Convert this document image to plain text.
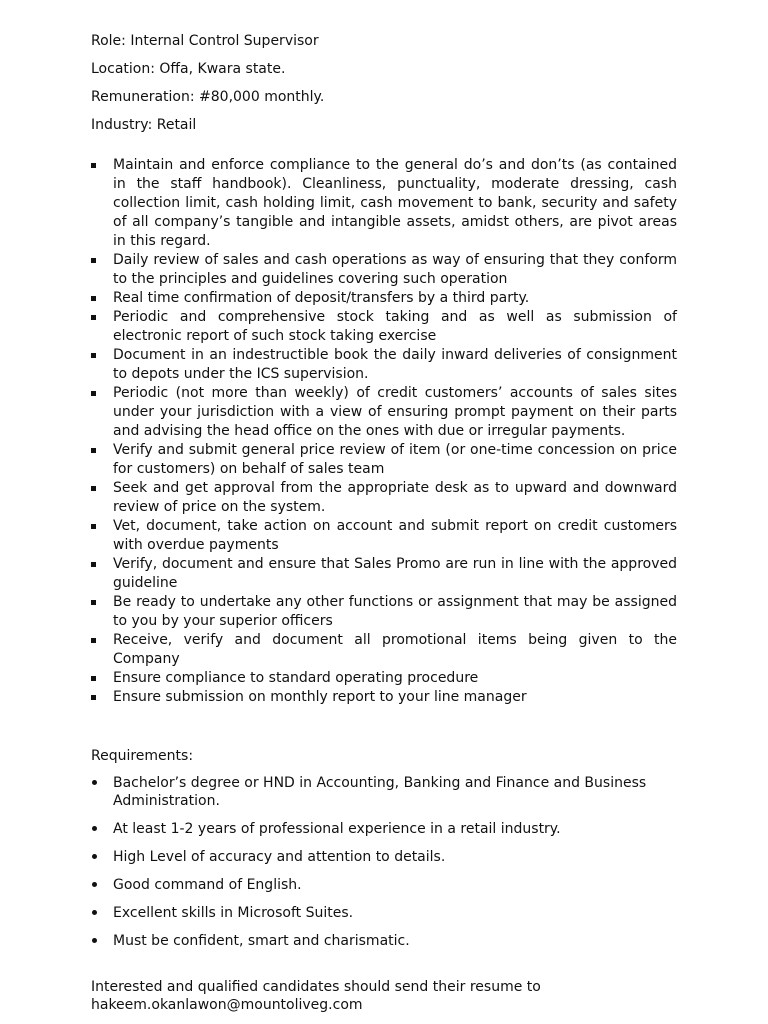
Role: Internal Control Supervisor

Location: Offa, Kwara state.

Remuneration: #80,000 monthly.

Industry: Retail

Maintain and enforce compliance to the general do’s and don’ts (as contained in the staff handbook). Cleanliness, punctuality, moderate dressing, cash collection limit, cash holding limit, cash movement to bank, security and safety of all company’s tangible and intangible assets, amidst others, are pivot areas in this regard.
Daily review of sales and cash operations as way of ensuring that they conform to the principles and guidelines covering such operation
Real time confirmation of deposit/transfers by a third party.
Periodic and comprehensive stock taking and as well as submission of electronic report of such stock taking exercise
Document in an indestructible book the daily inward deliveries of consignment to depots under the ICS supervision.
Periodic (not more than weekly) of credit customers’ accounts of sales sites under your jurisdiction with a view of ensuring prompt payment on their parts and advising the head office on the ones with due or irregular payments.
Verify and submit general price review of item (or one-time concession on price for customers) on behalf of sales team
Seek and get approval from the appropriate desk as to upward and downward review of price on the system.
Vet, document, take action on account and submit report on credit customers with overdue payments
Verify, document and ensure that Sales Promo are run in line with the approved guideline
Be ready to undertake any other functions or assignment that may be assigned to you by your superior officers
Receive, verify and document all promotional items being given to the Company
Ensure compliance to standard operating procedure
Ensure submission on monthly report to your line manager

Requirements:

Bachelor’s degree or HND in Accounting, Banking and Finance and Business Administration.
At least 1-2 years of professional experience in a retail industry.
High Level of accuracy and attention to details.
Good command of English.
Excellent skills in Microsoft Suites.
Must be confident, smart and charismatic.

Interested and qualified candidates should send their resume to
hakeem.okanlawon@mountoliveg.com
